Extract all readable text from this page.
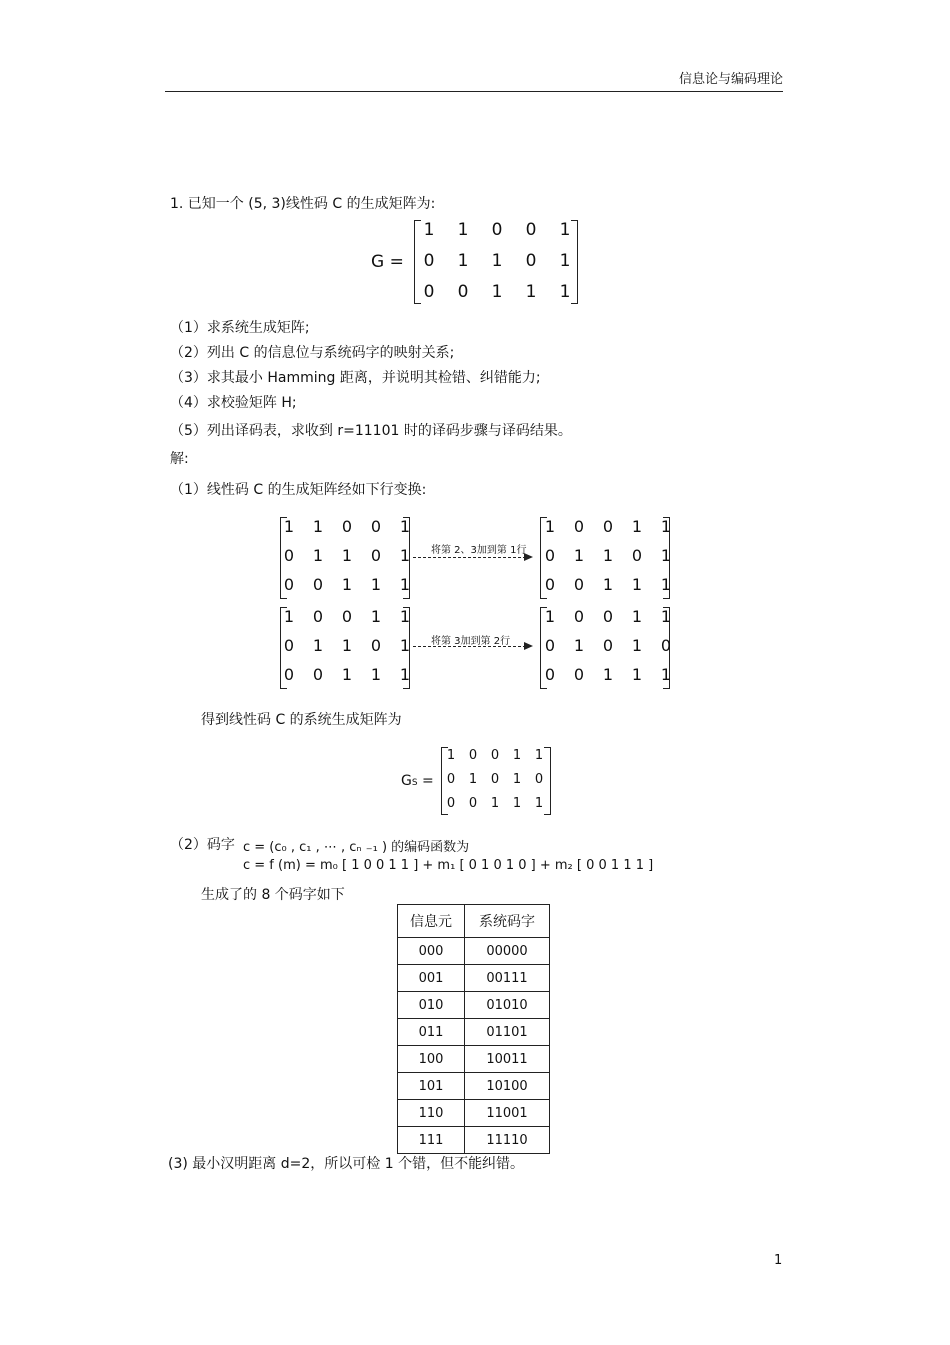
信息论与编码理论
1. 已知一个 (5, 3)线性码 C 的生成矩阵为:
G =
1 1 0 0 1
0 1 1 0 1
0 0 1 1 1
（1）求系统生成矩阵;
（2）列出 C 的信息位与系统码字的映射关系;
（3）求其最小 Hamming 距离，并说明其检错、纠错能力;
（4）求校验矩阵 H;
（5）列出译码表，求收到 r=11101 时的译码步骤与译码结果。
解:
（1）线性码 C 的生成矩阵经如下行变换:
1	1	0	0	1
0	1	1	0	1
0	0	1	1	1
将第 2、3加到第 1行
1	0	0	1	1
0	1	1	0	1
0	0	1	1	1
1	0	0	1	1
0	1	1	0	1
0	0	1	1	1
将第 3加到第 2行
1	0	0	1	1
0	1	0	1	0
0	0	1	1	1
得到线性码 C 的系统生成矩阵为
GS =
1	0	0	1	1
0	1	0	1	0
0	0	1	1	1
（2）码字 c = (c₀ , c₁ , ⋯ , cₙ ₋₁ ) 的编码函数为
c = f (m) = m₀ [ 1 0 0 1 1 ] + m₁ [ 0 1 0 1 0 ] + m₂ [ 0 0 1 1 1 ]
生成了的 8 个码字如下
信息元	系统码字
000	00000
001	00111
010	01010
011	01101
100	10011
101	10100
110	11001
111	11110
(3) 最小汉明距离 d=2，所以可检 1 个错，但不能纠错。
1
